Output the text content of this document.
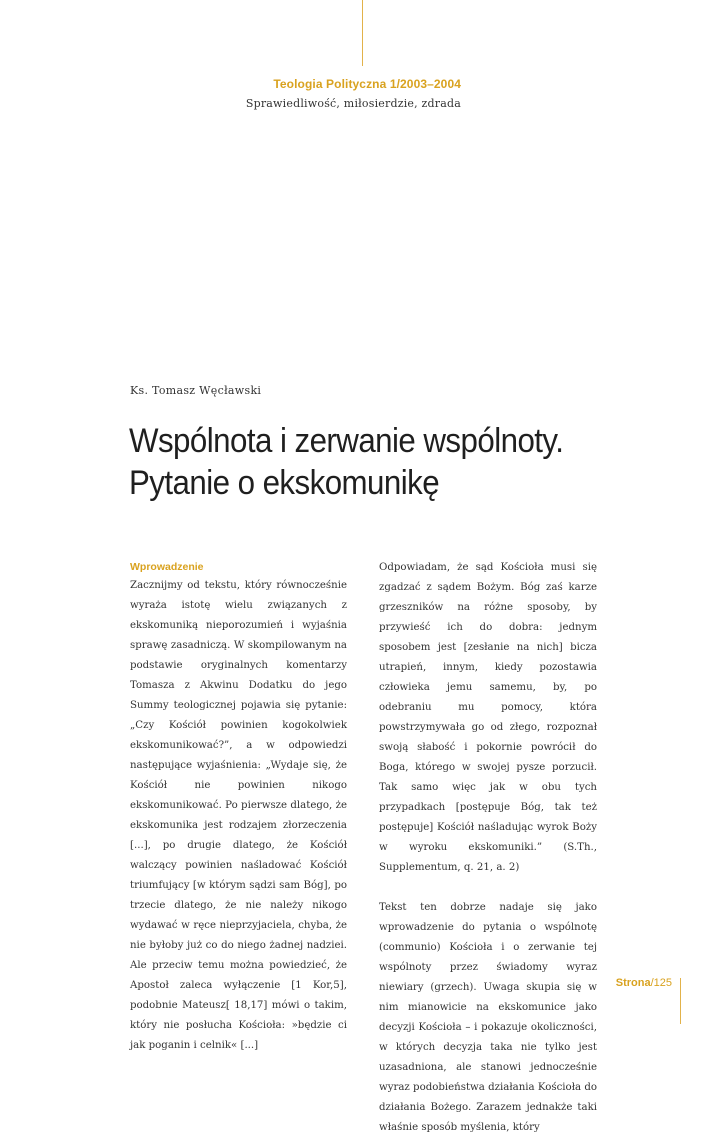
Teologia Polityczna 1/2003–2004
Sprawiedliwość, miłosierdzie, zdrada
Ks. Tomasz Węcławski
Wspólnota i zerwanie wspólnoty.
Pytanie o ekskomunikę
Wprowadzenie

Zacznijmy od tekstu, który równocześnie wyraża istotę wielu związanych z ekskomuniką nieporozumień i wyjaśnia sprawę zasadniczą. W skompilowanym na podstawie oryginalnych komentarzy Tomasza z Akwinu Dodatku do jego Summy teologicznej pojawia się pytanie: „Czy Kościół powinien kogokolwiek ekskomunikować?”, a w odpowiedzi następujące wyjaśnienia: „Wydaje się, że Kościół nie powinien nikogo ekskomunikować. Po pierwsze dlatego, że ekskomunika jest rodzajem złorzeczenia [...], po drugie dlatego, że Kościół walczący powinien naśladować Kościół triumfujący [w którym sądzi sam Bóg], po trzecie dlatego, że nie należy nikogo wydawać w ręce nieprzyjaciela, chyba, że nie byłoby już co do niego żadnej nadziei. Ale przeciw temu można powiedzieć, że Apostoł zaleca wyłączenie [1 Kor,5], podobnie Mateusz[ 18,17] mówi o takim, który nie posłucha Kościoła: »będzie ci jak poganin i celnik« [...]

Odpowiadam, że sąd Kościoła musi się zgadzać z sądem Bożym. Bóg zaś karze grzeszników na różne sposoby, by przywieść ich do dobra: jednym sposobem jest [zesłanie na nich] bicza utrapień, innym, kiedy pozostawia człowieka jemu samemu, by, po odebraniu mu pomocy, która powstrzymywała go od złego, rozpoznał swoją słabość i pokornie powrócił do Boga, którego w swojej pysze porzucił. Tak samo więc jak w obu tych przypadkach [postępuje Bóg, tak też postępuje] Kościół naśladując wyrok Boży w wyroku ekskomuniki.” (S.Th., Supplementum, q. 21, a. 2)

Tekst ten dobrze nadaje się jako wprowadzenie do pytania o wspólnotę (communio) Kościoła i o zerwanie tej wspólnoty przez świadomy wyraz niewiary (grzech). Uwaga skupia się w nim mianowicie na ekskomunice jako decyzji Kościoła – i pokazuje okoliczności, w których decyzja taka nie tylko jest uzasadniona, ale stanowi jednocześnie wyraz podobieństwa działania Kościoła do działania Bożego. Zarazem jednakże taki właśnie sposób myślenia, który

Strona/125
